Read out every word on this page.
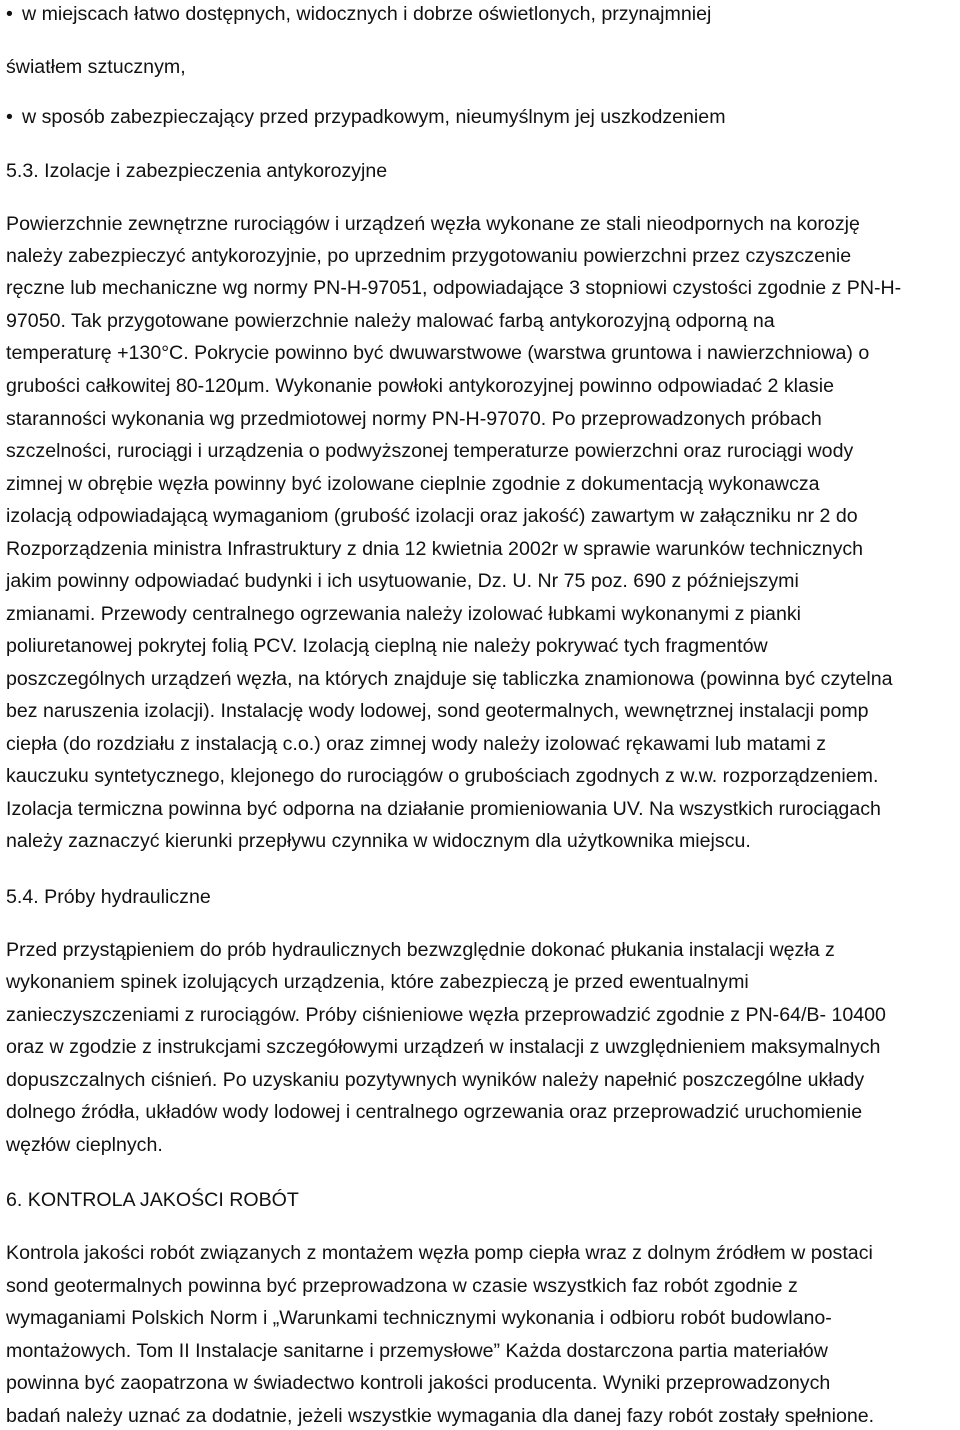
• w miejscach łatwo dostępnych, widocznych i dobrze oświetlonych, przynajmniej
światłem sztucznym,
• w sposób zabezpieczający przed przypadkowym, nieumyślnym jej uszkodzeniem
5.3. Izolacje i zabezpieczenia antykorozyjne
Powierzchnie zewnętrzne rurociągów i urządzeń węzła wykonane ze stali nieodpornych na korozję
należy zabezpieczyć antykorozyjnie, po uprzednim przygotowaniu powierzchni przez czyszczenie
ręczne lub mechaniczne wg normy PN-H-97051, odpowiadające 3 stopniowi czystości zgodnie z PN-H-
97050. Tak przygotowane powierzchnie należy malować farbą antykorozyjną odporną na
temperaturę +130°C. Pokrycie powinno być dwuwarstwowe (warstwa gruntowa i nawierzchniowa) o
grubości całkowitej 80-120μm. Wykonanie powłoki antykorozyjnej powinno odpowiadać 2 klasie
staranności wykonania wg przedmiotowej normy PN-H-97070. Po przeprowadzonych próbach
szczelności, rurociągi i urządzenia o podwyższonej temperaturze powierzchni oraz rurociągi wody
zimnej w obrębie węzła powinny być izolowane cieplnie zgodnie z dokumentacją wykonawcza
izolacją odpowiadającą wymaganiom (grubość izolacji oraz jakość) zawartym w załączniku nr 2 do
Rozporządzenia ministra Infrastruktury z dnia 12 kwietnia 2002r w sprawie warunków technicznych
jakim powinny odpowiadać budynki i ich usytuowanie, Dz. U. Nr 75 poz. 690 z późniejszymi
zmianami. Przewody centralnego ogrzewania należy izolować łubkami wykonanymi z pianki
poliuretanowej pokrytej folią PCV. Izolacją cieplną nie należy pokrywać tych fragmentów
poszczególnych urządzeń węzła, na których znajduje się tabliczka znamionowa (powinna być czytelna
bez naruszenia izolacji). Instalację wody lodowej, sond geotermalnych, wewnętrznej instalacji pomp
ciepła (do rozdziału z instalacją c.o.) oraz zimnej wody należy izolować rękawami lub matami z
kauczuku syntetycznego, klejonego do rurociągów o grubościach zgodnych z w.w. rozporządzeniem.
Izolacja termiczna powinna być odporna na działanie promieniowania UV. Na wszystkich rurociągach
należy zaznaczyć kierunki przepływu czynnika w widocznym dla użytkownika miejscu.
5.4. Próby hydrauliczne
Przed przystąpieniem do prób hydraulicznych bezwzględnie dokonać płukania instalacji węzła z
wykonaniem spinek izolujących urządzenia, które zabezpieczą je przed ewentualnymi
zanieczyszczeniami z rurociągów. Próby ciśnieniowe węzła przeprowadzić zgodnie z PN-64/B- 10400
oraz w zgodzie z instrukcjami szczegółowymi urządzeń w instalacji z uwzględnieniem maksymalnych
dopuszczalnych ciśnień. Po uzyskaniu pozytywnych wyników należy napełnić poszczególne układy
dolnego źródła, układów wody lodowej i centralnego ogrzewania oraz przeprowadzić uruchomienie
węzłów cieplnych.
6. KONTROLA JAKOŚCI ROBÓT
Kontrola jakości robót związanych z montażem węzła pomp ciepła wraz z dolnym źródłem w postaci
sond geotermalnych powinna być przeprowadzona w czasie wszystkich faz robót zgodnie z
wymaganiami Polskich Norm i „Warunkami technicznymi wykonania i odbioru robót budowlano-
montażowych. Tom II Instalacje sanitarne i przemysłowe” Każda dostarczona partia materiałów
powinna być zaopatrzona w świadectwo kontroli jakości producenta. Wyniki przeprowadzonych
badań należy uznać za dodatnie, jeżeli wszystkie wymagania dla danej fazy robót zostały spełnione.
